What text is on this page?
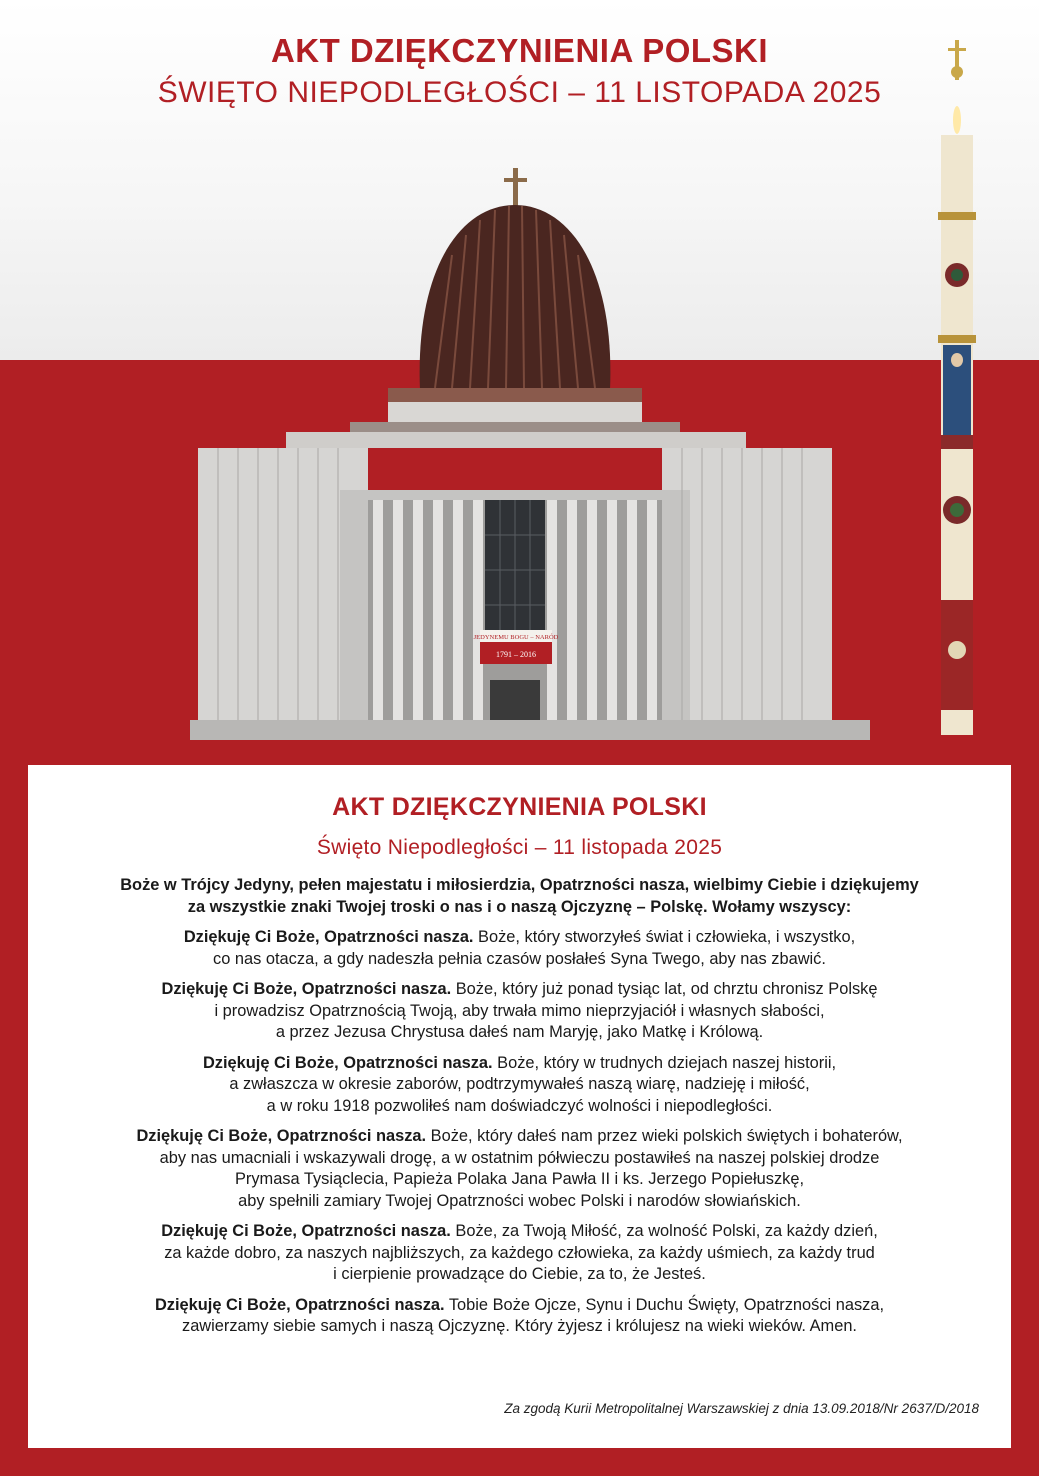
AKT DZIĘKCZYNIENIA POLSKI
ŚWIĘTO NIEPODLEGŁOŚCI – 11 LISTOPADA 2025
JEDYNEMU BOGU – NARÓD
1791 – 2016
AKT DZIĘKCZYNIENIA POLSKI
Święto Niepodległości – 11 listopada 2025
Boże w Trójcy Jedyny, pełen majestatu i miłosierdzia, Opatrzności nasza, wielbimy Ciebie i dziękujemy
za wszystkie znaki Twojej troski o nas i o naszą Ojczyznę – Polskę. Wołamy wszyscy:
Dziękuję Ci Boże, Opatrzności nasza. Boże, który stworzyłeś świat i człowieka, i wszystko,
co nas otacza, a gdy nadeszła pełnia czasów posłałeś Syna Twego, aby nas zbawić.
Dziękuję Ci Boże, Opatrzności nasza. Boże, który już ponad tysiąc lat, od chrztu chronisz Polskę
i prowadzisz Opatrznością Twoją, aby trwała mimo nieprzyjaciół i własnych słabości,
a przez Jezusa Chrystusa dałeś nam Maryję, jako Matkę i Królową.
Dziękuję Ci Boże, Opatrzności nasza. Boże, który w trudnych dziejach naszej historii,
a zwłaszcza w okresie zaborów, podtrzymywałeś naszą wiarę, nadzieję i miłość,
a w roku 1918 pozwoliłeś nam doświadczyć wolności i niepodległości.
Dziękuję Ci Boże, Opatrzności nasza. Boże, który dałeś nam przez wieki polskich świętych i bohaterów,
aby nas umacniali i wskazywali drogę, a w ostatnim półwieczu postawiłeś na naszej polskiej drodze
Prymasa Tysiąclecia, Papieża Polaka Jana Pawła II i ks. Jerzego Popiełuszkę,
aby spełnili zamiary Twojej Opatrzności wobec Polski i narodów słowiańskich.
Dziękuję Ci Boże, Opatrzności nasza. Boże, za Twoją Miłość, za wolność Polski, za każdy dzień,
za każde dobro, za naszych najbliższych, za każdego człowieka, za każdy uśmiech, za każdy trud
i cierpienie prowadzące do Ciebie, za to, że Jesteś.
Dziękuję Ci Boże, Opatrzności nasza. Tobie Boże Ojcze, Synu i Duchu Święty, Opatrzności nasza,
zawierzamy siebie samych i naszą Ojczyznę. Który żyjesz i królujesz na wieki wieków. Amen.
Za zgodą Kurii Metropolitalnej Warszawskiej z dnia 13.09.2018/Nr 2637/D/2018
